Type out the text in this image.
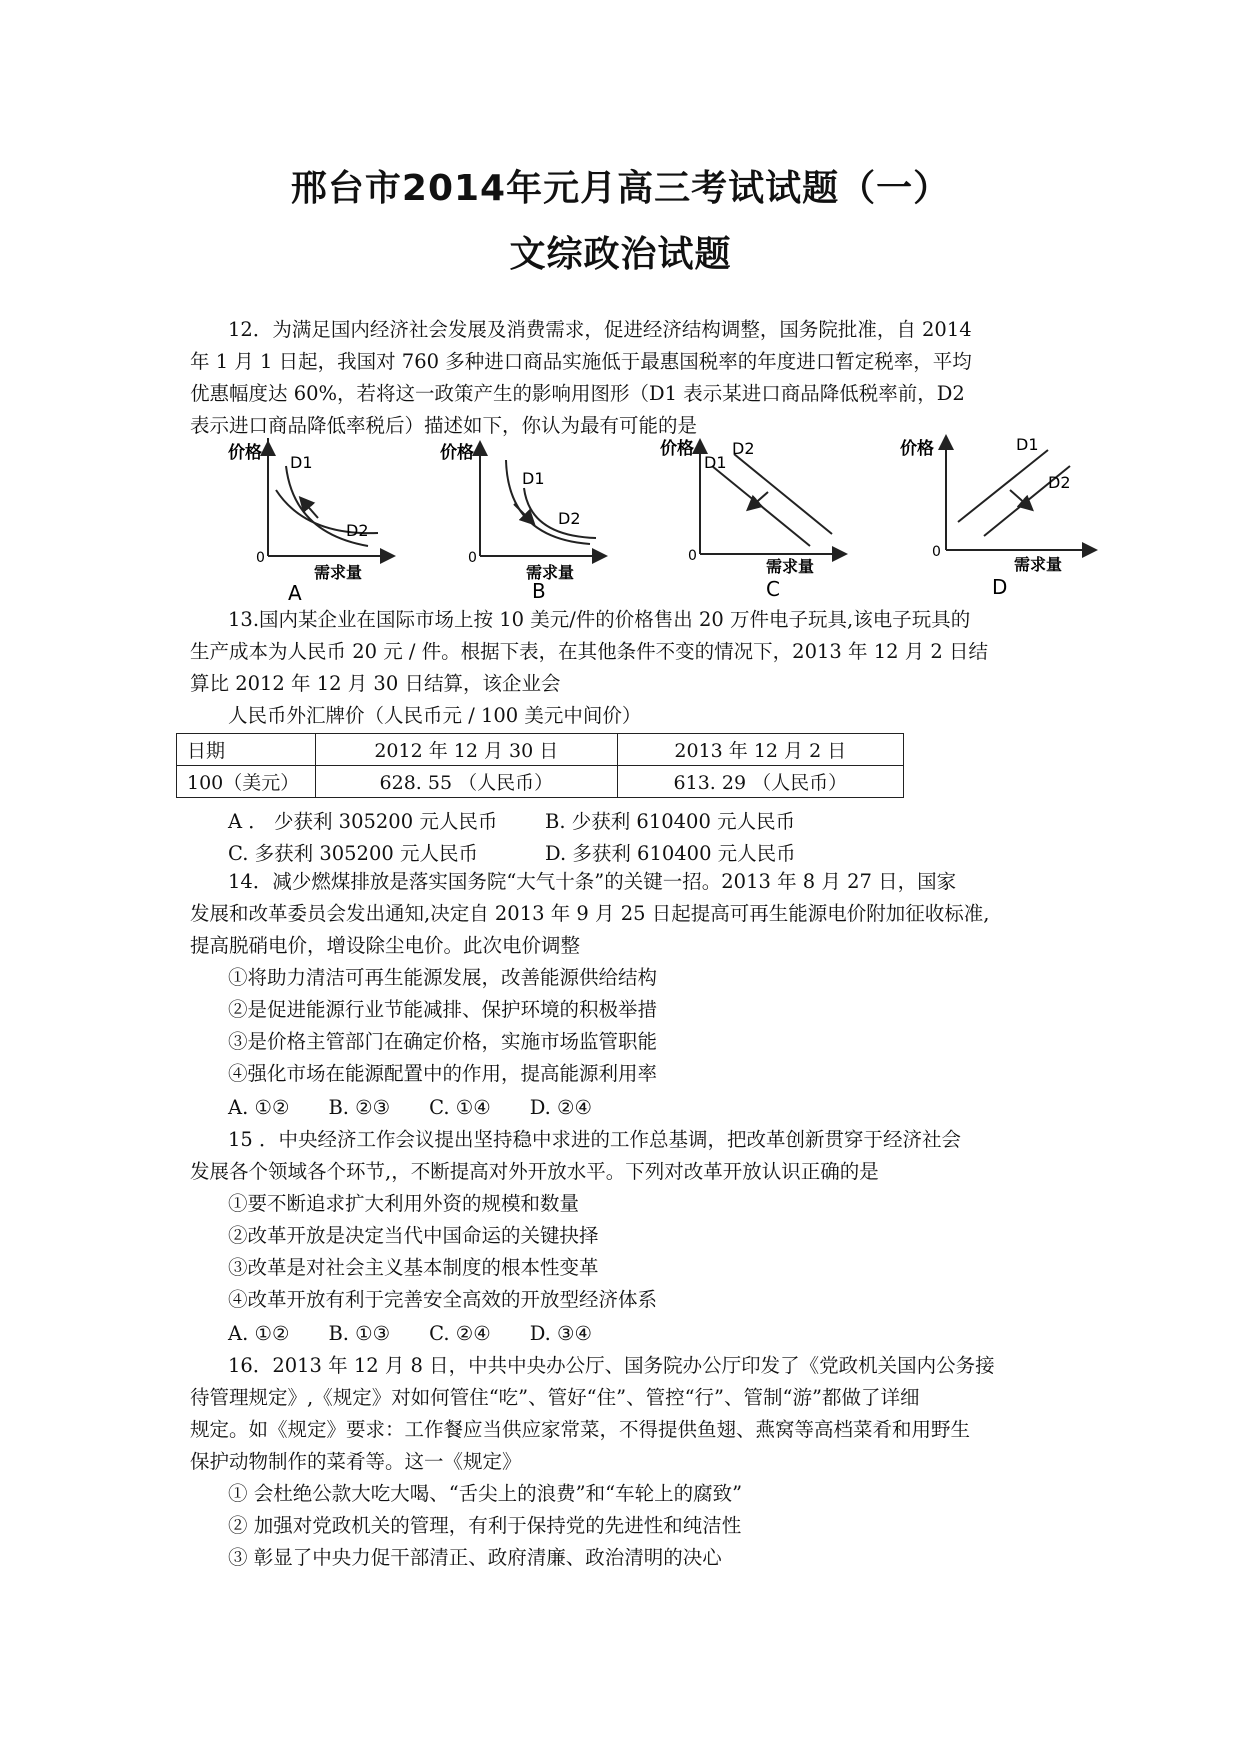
邢台市2014年元月高三考试试题（一）
文综政治试题
12．为满足国内经济社会发展及消费需求，促进经济结构调整，国务院批准，自 2014
年 1 月 1 日起，我国对 760 多种进口商品实施低于最惠国税率的年度进口暂定税率，平均
优惠幅度达 60%，若将这一政策产生的影响用图形（D1 表示某进口商品降低税率前，D2
表示进口商品降低率税后）描述如下，你认为最有可能的是
价格 D1
D2
0
需求量
A
价格
D1
D2
0
需求量
B
价格
D1
D2
0
需求量
C
价格	D1
D2
0
需求量
D
13.国内某企业在国际市场上按 10 美元/件的价格售出 20 万件电子玩具,该电子玩具的
生产成本为人民币 20 元 / 件。根据下表，在其他条件不变的情况下，2013 年 12 月 2 日结
算比 2012 年 12 月 30 日结算，该企业会
人民币外汇牌价（人民币元 / 100 美元中间价）
日期	2012 年 12 月 30 日	2013 年 12 月 2 日
100（美元）	628. 55 （人民币）	613. 29 （人民币）
A ． 少获利 305200 元人民币 B. 少获利 610400 元人民币
C. 多获利 305200 元人民币	D. 多获利 610400 元人民币
14．减少燃煤排放是落实国务院“大气十条”的关键一招。2013 年 8 月 27 日，国家
发展和改革委员会发出通知,决定自 2013 年 9 月 25 日起提高可再生能源电价附加征收标准,
提高脱硝电价，增设除尘电价。此次电价调整
①将助力清洁可再生能源发展，改善能源供给结构
②是促进能源行业节能减排、保护环境的积极举措
③是价格主管部门在确定价格，实施市场监管职能
④强化市场在能源配置中的作用，提高能源利用率
A. ①②　　B. ②③　　C. ①④　　D. ②④
15 ．中央经济工作会议提出坚持稳中求进的工作总基调，把改革创新贯穿于经济社会
发展各个领域各个环节,，不断提高对外开放水平。下列对改革开放认识正确的是
①要不断追求扩大利用外资的规模和数量
②改革开放是决定当代中国命运的关键抉择
③改革是对社会主义基本制度的根本性变革
④改革开放有利于完善安全高效的开放型经济体系
A. ①②　　B. ①③　　C. ②④　　D. ③④
16．2013 年 12 月 8 日，中共中央办公厅、国务院办公厅印发了《党政机关国内公务接
待管理规定》,《规定》对如何管住“吃”、管好“住”、管控“行”、管制“游”都做了详细
规定。如《规定》要求：工作餐应当供应家常菜，不得提供鱼翅、燕窝等高档菜肴和用野生
保护动物制作的菜肴等。这一《规定》
① 会杜绝公款大吃大喝、“舌尖上的浪费”和“车轮上的腐致”
② 加强对党政机关的管理，有利于保持党的先进性和纯洁性
③ 彰显了中央力促干部清正、政府清廉、政治清明的决心
